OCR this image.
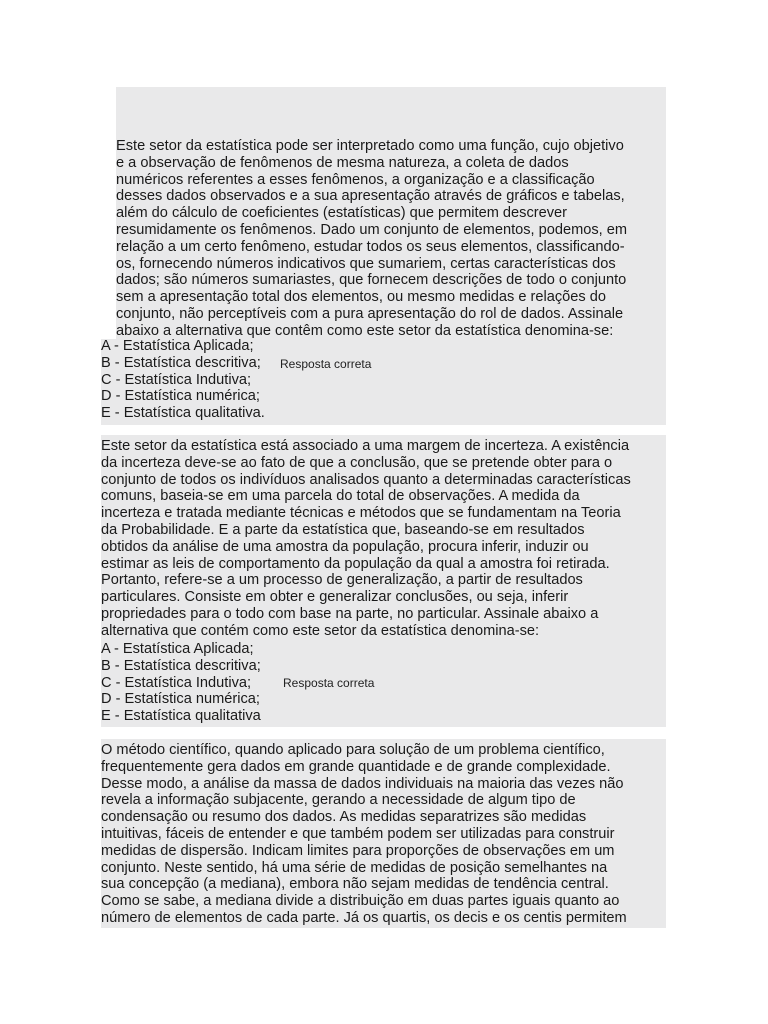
Este setor da estatística pode ser interpretado como uma função, cujo objetivo
e a observação de fenômenos de mesma natureza, a coleta de dados
numéricos referentes a esses fenômenos, a organização e a classificação
desses dados observados e a sua apresentação através de gráficos e tabelas,
além do cálculo de coeficientes (estatísticas) que permitem descrever
resumidamente os fenômenos. Dado um conjunto de elementos, podemos, em
relação a um certo fenômeno, estudar todos os seus elementos, classificando-
os, fornecendo números indicativos que sumariem, certas características dos
dados; são números sumariastes, que fornecem descrições de todo o conjunto
sem a apresentação total dos elementos, ou mesmo medidas e relações do
conjunto, não perceptíveis com a pura apresentação do rol de dados. Assinale
abaixo a alternativa que contêm como este setor da estatística denomina-se:
A - Estatística Aplicada;
B - Estatística descritiva;
C - Estatística Indutiva;
D - Estatística numérica;
E - Estatística qualitativa.
Resposta correta
Este setor da estatística está associado a uma margem de incerteza. A existência
da incerteza deve-se ao fato de que a conclusão, que se pretende obter para o
conjunto de todos os indivíduos analisados quanto a determinadas características
comuns, baseia-se em uma parcela do total de observações. A medida da
incerteza e tratada mediante técnicas e métodos que se fundamentam na Teoria
da Probabilidade. E a parte da estatística que, baseando-se em resultados
obtidos da análise de uma amostra da população, procura inferir, induzir ou
estimar as leis de comportamento da população da qual a amostra foi retirada.
Portanto, refere-se a um processo de generalização, a partir de resultados
particulares. Consiste em obter e generalizar conclusões, ou seja, inferir
propriedades para o todo com base na parte, no particular. Assinale abaixo a
alternativa que contém como este setor da estatística denomina-se:
A - Estatística Aplicada;
B - Estatística descritiva;
C - Estatística Indutiva;
D - Estatística numérica;
E - Estatística qualitativa
Resposta correta
O método científico, quando aplicado para solução de um problema científico,
frequentemente gera dados em grande quantidade e de grande complexidade.
Desse modo, a análise da massa de dados individuais na maioria das vezes não
revela a informação subjacente, gerando a necessidade de algum tipo de
condensação ou resumo dos dados. As medidas separatrizes são medidas
intuitivas, fáceis de entender e que também podem ser utilizadas para construir
medidas de dispersão. Indicam limites para proporções de observações em um
conjunto. Neste sentido, há uma série de medidas de posição semelhantes na
sua concepção (a mediana), embora não sejam medidas de tendência central.
Como se sabe, a mediana divide a distribuição em duas partes iguais quanto ao
número de elementos de cada parte. Já os quartis, os decis e os centis permitem
